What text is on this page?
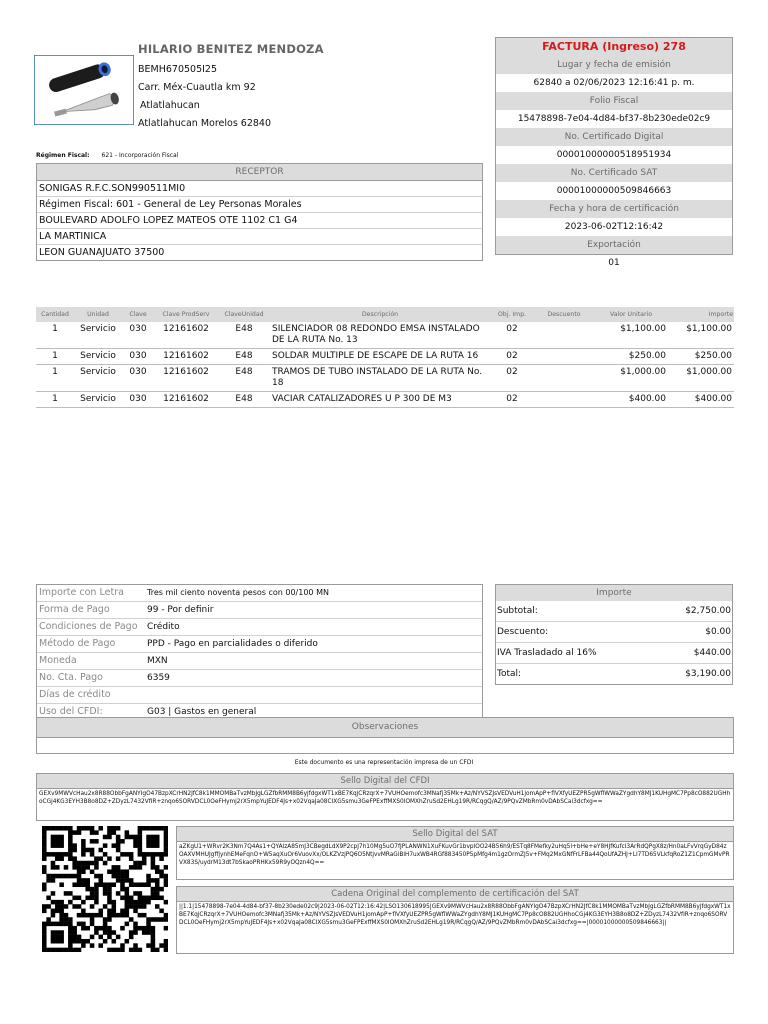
HILARIO BENITEZ MENDOZA
BEMH670505I25
Carr. Méx-Cuautla km 92
Atlatlahucan
Atlatlahucan Morelos 62840
Régimen Fiscal: 621 - Incorporación Fiscal
FACTURA (Ingreso) 278
Lugar y fecha de emisión
62840 a 02/06/2023 12:16:41 p. m.
Folio Fiscal
15478898-7e04-4d84-bf37-8b230ede02c9
No. Certificado Digital
00001000000518951934
No. Certificado SAT
00001000000509846663
Fecha y hora de certificación
2023-06-02T12:16:42
Exportación
01
RECEPTOR
SONIGAS R.F.C.SON990511MI0
Régimen Fiscal: 601 - General de Ley Personas Morales
BOULEVARD ADOLFO LOPEZ MATEOS OTE 1102 C1 G4
LA MARTINICA
LEON GUANAJUATO 37500
Cantidad	Unidad	Clave	Clave ProdServ	ClaveUnidad	Descripción	Obj. Imp.	Descuento	Valor Unitario	Importe
1	Servicio	030	12161602	E48	SILENCIADOR 08 REDONDO EMSA INSTALADO DE LA RUTA No. 13	02		$1,100.00	$1,100.00
1	Servicio	030	12161602	E48	SOLDAR MULTIPLE DE ESCAPE DE LA RUTA 16	02		$250.00	$250.00
1	Servicio	030	12161602	E48	TRAMOS DE TUBO INSTALADO DE LA RUTA No. 18	02		$1,000.00	$1,000.00
1	Servicio	030	12161602	E48	VACIAR CATALIZADORES U P 300 DE M3	02		$400.00	$400.00
Importe con Letra	Tres mil ciento noventa pesos con 00/100 MN
Forma de Pago	99 - Por definir
Condiciones de Pago	Crédito
Método de Pago	PPD - Pago en parcialidades o diferido
Moneda	MXN
No. Cta. Pago	6359
Días de crédito
Uso del CFDI:	G03 | Gastos en general
Importe
Subtotal:	$2,750.00
Descuento:	$0.00
IVA Trasladado al 16%	$440.00
Total:	$3,190.00
Observaciones
Este documento es una representación impresa de un CFDI
Sello Digital del CFDI
GEXv9MWVcHau2x8R88ObbFgANYIgO47BzpXCrHN2JfC8k1MMOMBaTvzMbJgLGZfbRMM8B6yjfdgxWT1xBE7KqjCRzqrX+7VUHOemofc3MNafj35Mk+Az/NYVSZJsVEDVuH1jomApP+flVXfyUEZPR5gWflWWaZYgdhY8MJ1KUHgMC7Pp8cO882UGHhoCGj4KG3EYH3B8o8DZ+ZDyzL7432VfIR+znqo6SORVDCL0OeFHymj2rX5mpYuJEDF4Js+x02VqaJa08CIXG5smu3GeFPExffMXS0IOMXhZruSd2EHLg19R/RCqgQ/AZ/9PQvZMbRm0vDAbSCai3dcfxg==
Sello Digital del SAT
aZKgU1+WRvr2K3Nm7Q4As1+QYAizA85mJ3CBegdLdX9P2cpJ7h10Mg5uO7fJPLANWN1XuFKuvGr1bvpIOO24B56h9/ESTq8FMefky2uHq5I+bHe+eY8HJfKufcI3ArRdQPgX8z/Hn0aLFvVrqGyD84zOAXVMHUJgffjynhEMeFqnO+W5aqXuOr6VuovXx/OLKZVzjPQ6O5NtjvvMRaGiBlH7uxWB4RGf883450P5pMfg4m1gzOrmZJ5v+FMq2MxGNfFrLFBa44QoUfAZHJ+LI7TD65VLkfqRoZ1Z1CpmGMvPRVX83S/uydrM13dt7bSkaoPRHKx59R9yOQzn4Q==
Cadena Original del complemento de certificación del SAT
||1.1|15478898-7e04-4d84-bf37-8b230ede02c9|2023-06-02T12:16:42|LSO130618995|GEXv9MWVcHau2x8R88ObbFgANYIgO47BzpXCrHN2JfC8k1MMOMBaTvzMbJgLGZfbRMM8B6yjfdgxWT1xBE7KqjCRzqrX+7VUHOemofc3MNafj35Mk+Az/NYVSZJsVEDVuH1jomApP+flVXfyUEZPR5gWflWWaZYgdhY8MJ1KUHgMC7Pp8cO882UGHhoCGj4KG3EYH3B8o8DZ+ZDyzL7432VfIR+znqo6SORVDCL0OeFHymj2rX5mpYuJEDF4Js+x02VqaJa08CIXG5smu3GeFPExffMXS0IOMXhZruSd2EHLg19R/RCqgQ/AZ/9PQvZMbRm0vDAbSCai3dcfxg==|00001000000509846663||
